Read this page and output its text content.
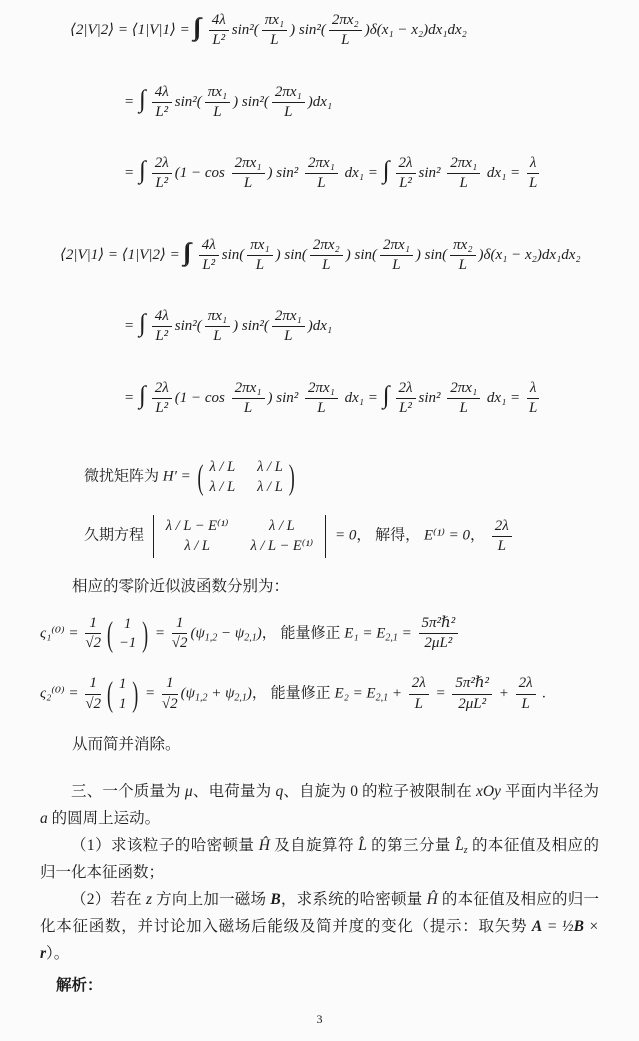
⟨2|V|2⟩ = ⟨1|V|1⟩ = $\frac{4\lambda}{\text{L²}} \sin^2( \frac{\text{πx₁}}{L}$ ) $\sin^2( \frac{\text{2πx₂}}{L} )\delta(x_1 - x_2)dx_1dx_2$
= ∫ $\frac{4\lambda}{\text{L²}} \sin^2( \frac{\text{πx₁}}{L}$ ) $\sin^2( \frac{\text{2πx₁}}{L} )dx_1$
= ∫ $\frac{2\lambda}{\text{L²}} (1 - \cos \frac{\text{2πx₁}}{L}$ ) $\sin^2 \frac{\text{2πx₁}}{L} dx_1$ = ∫ $\frac{2\lambda}{\text{L²}} \sin^2 \frac{\text{2πx₁}}{L} dx_1 = \frac{\lambda}{L}$
⟨2|V|1⟩ = ⟨1|V|2⟩ = $\frac{4\lambda}{\text{L²}} \sin( \frac{\text{πx₁}}{L}$ ) $\sin( \frac{\text{2πx₂}}{L}$ ) $\sin( \frac{\text{2πx₁}}{L}$ ) $\sin( \frac{\text{πx₂}}{L} )\delta(x_1 - x_2)dx_1dx_2$
= ∫ $\frac{4\lambda}{\text{L²}} \sin^2( \frac{\text{πx₁}}{L}$ ) $\sin^2( \frac{\text{2πx₁}}{L} )dx_1$
= ∫ $\frac{2\lambda}{\text{L²}} (1 - \cos \frac{\text{2πx₁}}{L}$ ) $\sin^2 \frac{\text{2πx₁}}{L} dx_1$ = ∫ $\frac{2\lambda}{\text{L²}} \sin^2 \frac{\text{2πx₁}}{L} dx_1 = \frac{\lambda}{L}$
微扰矩阵为 H′ = ( λ / L λ / L
λ / L λ / L )
久期方程
λ / L − E⁽¹⁾	λ / L
λ / L	λ / L − E⁽¹⁾
= 0， 解得， E⁽¹⁾ = 0， $\frac{2\lambda}{L}$
相应的零阶近似波函数分别为：
$\varsigma_1^{(0)} = \frac{1}{√2}$ ( 1
−1 ) = $\frac{1}{√2} (\psi_{1,2} - \psi_{2,1})$， 能量修正 $E_1 = E_{2,1} = \frac{\text{5π²ℏ²}}{\text{2μL²}}$
$\varsigma_2^{(0)} = \frac{1}{√2}$ ( 1
1 ) = $\frac{1}{√2} (\psi_{1,2} + \psi_{2,1})$， 能量修正 $E_2 = E_{2,1} + \frac{2\lambda}{L} = \frac{\text{5π²ℏ²}}{\text{2μL²}} + \frac{2\lambda}{L}$ .
从而简并消除。

三、一个质量为 μ、电荷量为 q、自旋为 0 的粒子被限制在 xOy 平面内半径为 a 的圆周上运动。

（1）求该粒子的哈密顿量 Ĥ 及自旋算符 L̂ 的第三分量 $L̂_z$ 的本征值及相应的归一化本征函数；

（2）若在 z 方向上加一磁场 B，求系统的哈密顿量 Ĥ 的本征值及相应的归一化本征函数，并讨论加入磁场后能级及简并度的变化（提示：取矢势 A = ½B × r）。

解析：
3
